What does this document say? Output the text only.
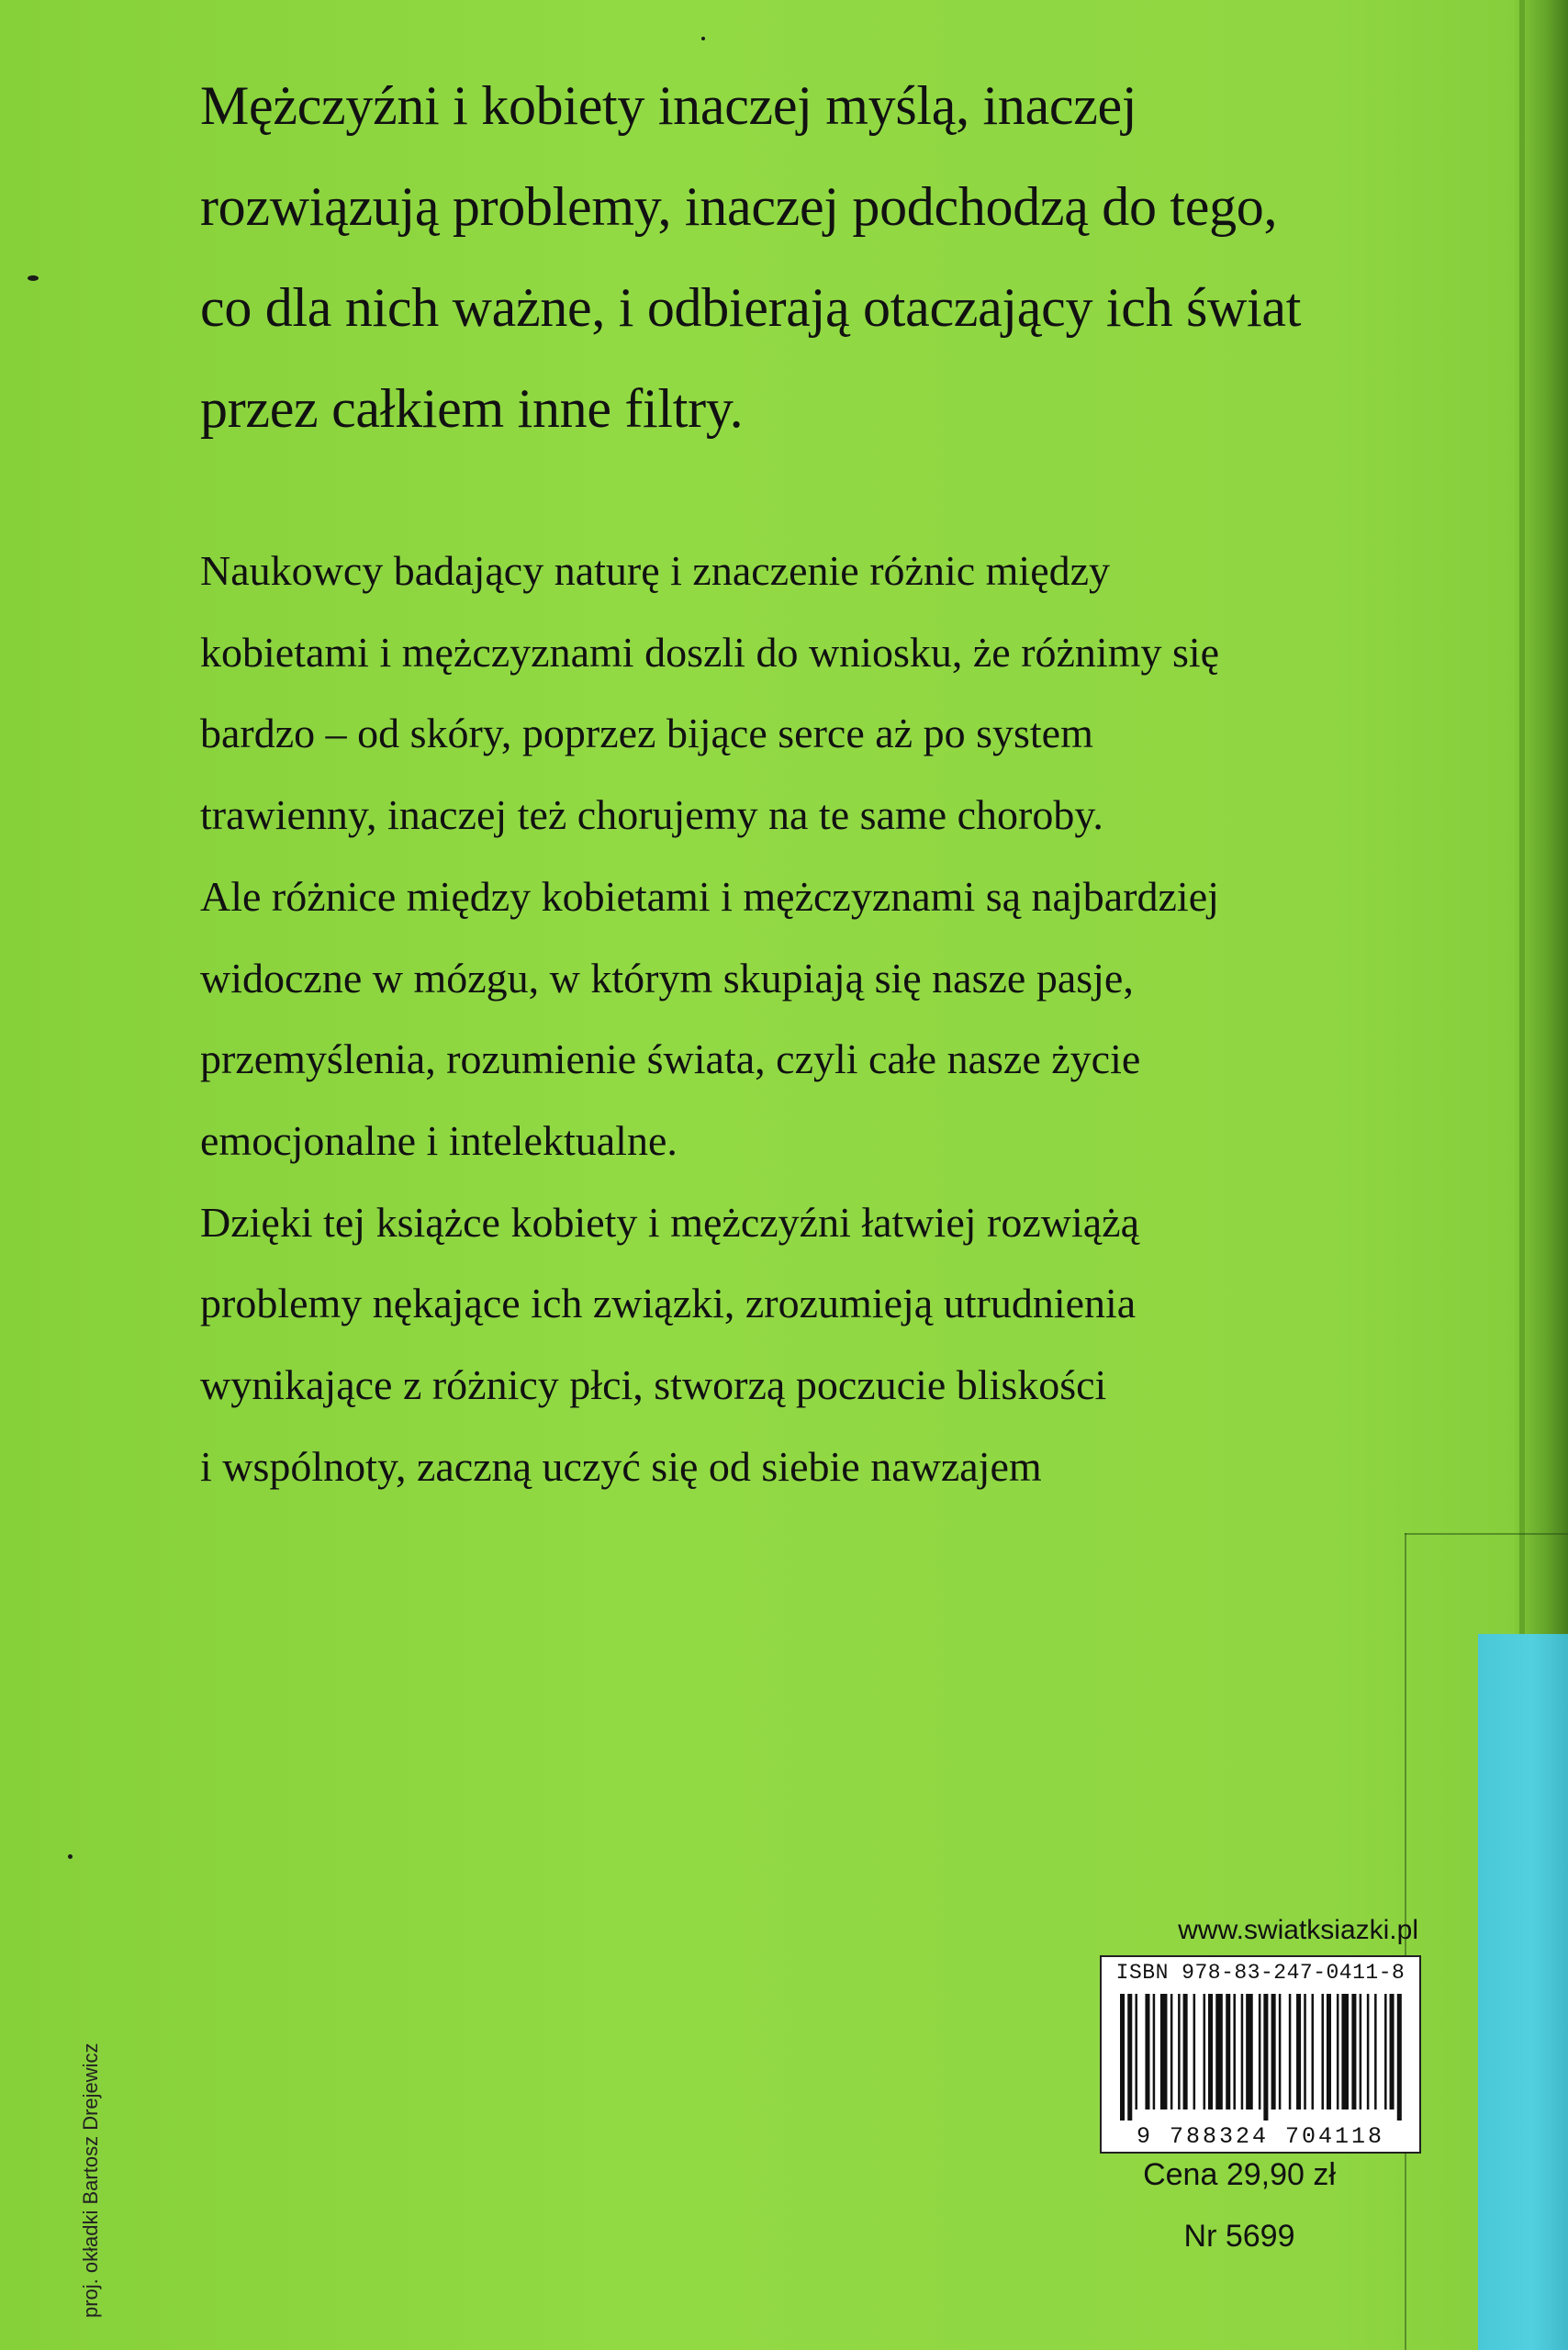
Mężczyźni i kobiety inaczej myślą, inaczej
rozwiązują problemy, inaczej podchodzą do tego,
co dla nich ważne, i odbierają otaczający ich świat
przez całkiem inne filtry.
Naukowcy badający naturę i znaczenie różnic między
kobietami i mężczyznami doszli do wniosku, że różnimy się
bardzo – od skóry, poprzez bijące serce aż po system
trawienny, inaczej też chorujemy na te same choroby.
Ale różnice między kobietami i mężczyznami są najbardziej
widoczne w mózgu, w którym skupiają się nasze pasje,
przemyślenia, rozumienie świata, czyli całe nasze życie
emocjonalne i intelektualne.
Dzięki tej książce kobiety i mężczyźni łatwiej rozwiążą
problemy nękające ich związki, zrozumieją utrudnienia
wynikające z różnicy płci, stworzą poczucie bliskości
i wspólnoty, zaczną uczyć się od siebie nawzajem
www.swiatksiazki.pl
ISBN 978-83-247-0411-8
9 788324 704118
Cena 29,90 zł
Nr 5699
proj. okładki Bartosz Drejewicz
